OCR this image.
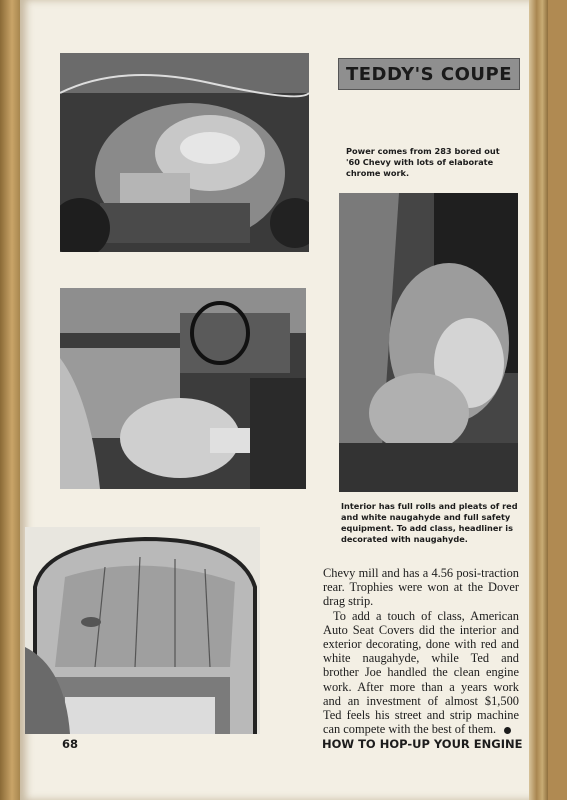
TEDDY'S COUPE
Power comes from 283 bored out '60 Chevy with lots of elaborate chrome work.
Interior has full rolls and pleats of red and white naugahyde and full safety equipment. To add class, headliner is decorated with naugahyde.

Chevy mill and has a 4.56 posi-traction rear. Trophies were won at the Dover drag strip.

To add a touch of class, American Auto Seat Covers did the interior and exterior decorating, done with red and white naugahyde, while Ted and brother Joe handled the clean engine work. After more than a years work and an investment of almost $1,500 Ted feels his street and strip machine can compete with the best of them.

68	HOW TO HOP-UP YOUR ENGINE
